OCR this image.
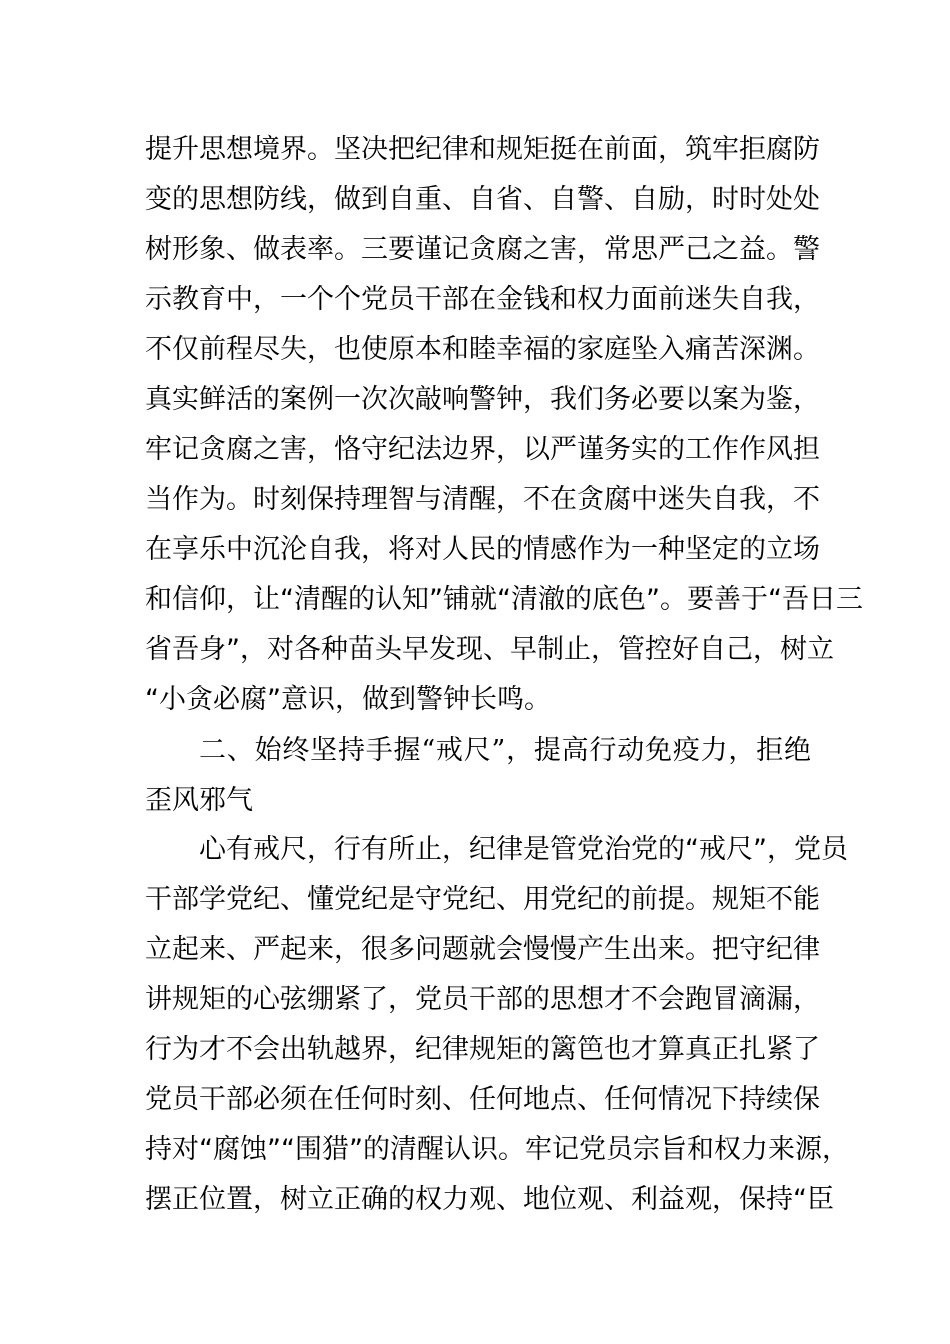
提升思想境界。坚决把纪律和规矩挺在前面，筑牢拒腐防
变的思想防线，做到自重、自省、自警、自励，时时处处
树形象、做表率。三要谨记贪腐之害，常思严己之益。警
示教育中，一个个党员干部在金钱和权力面前迷失自我，
不仅前程尽失，也使原本和睦幸福的家庭坠入痛苦深渊。
真实鲜活的案例一次次敲响警钟，我们务必要以案为鉴，
牢记贪腐之害，恪守纪法边界，以严谨务实的工作作风担
当作为。时刻保持理智与清醒，不在贪腐中迷失自我，不
在享乐中沉沦自我，将对人民的情感作为一种坚定的立场
和信仰，让“清醒的认知”铺就“清澈的底色”。要善于“吾日三
省吾身”，对各种苗头早发现、早制止，管控好自己，树立
“小贪必腐”意识，做到警钟长鸣。
二、始终坚持手握“戒尺”，提高行动免疫力，拒绝
歪风邪气
心有戒尺，行有所止，纪律是管党治党的“戒尺”，党员
干部学党纪、懂党纪是守党纪、用党纪的前提。规矩不能
立起来、严起来，很多问题就会慢慢产生出来。把守纪律
讲规矩的心弦绷紧了，党员干部的思想才不会跑冒滴漏，
行为才不会出轨越界，纪律规矩的篱笆也才算真正扎紧了
党员干部必须在任何时刻、任何地点、任何情况下持续保
持对“腐蚀”“围猎”的清醒认识。牢记党员宗旨和权力来源，
摆正位置，树立正确的权力观、地位观、利益观，保持“臣
